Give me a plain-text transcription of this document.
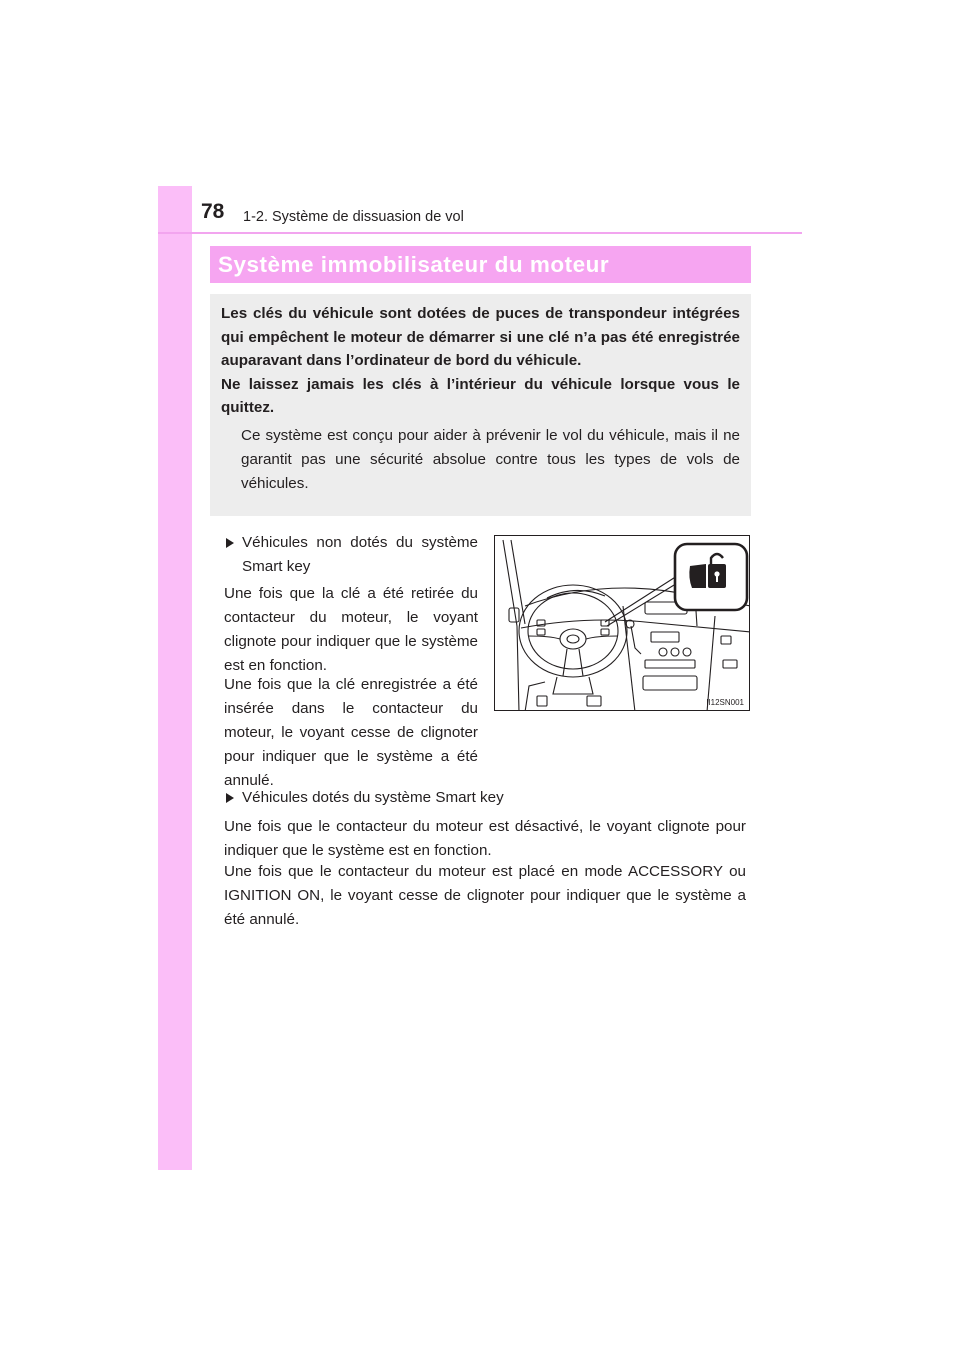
78 1-2. Système de dissuasion de vol
Système immobilisateur du moteur

Les clés du véhicule sont dotées de puces de transpondeur intégrées qui empêchent le moteur de démarrer si une clé n’a pas été enregistrée auparavant dans l’ordinateur de bord du véhicule.

Ne laissez jamais les clés à l’intérieur du véhicule lorsque vous le quittez.

Ce système est conçu pour aider à prévenir le vol du véhicule, mais il ne garantit pas une sécurité absolue contre tous les types de vols de véhicules.

Véhicules non dotés du système Smart key
Une fois que la clé a été retirée du contacteur du moteur, le voyant clignote pour indiquer que le système est en fonction.
Une fois que la clé enregistrée a été insérée dans le contacteur du moteur, le voyant cesse de clignoter pour indiquer que le système a été annulé.
II12SN001
Véhicules dotés du système Smart key
Une fois que le contacteur du moteur est désactivé, le voyant clignote pour indiquer que le système est en fonction.
Une fois que le contacteur du moteur est placé en mode ACCESSORY ou IGNITION ON, le voyant cesse de clignoter pour indiquer que le système a été annulé.
